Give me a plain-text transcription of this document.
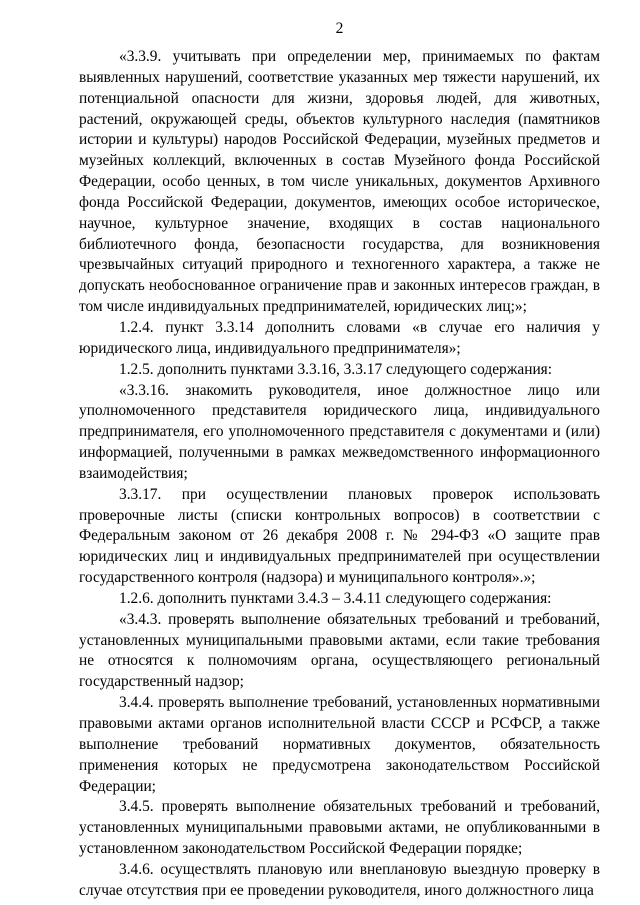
2

«3.3.9. учитывать при определении мер, принимаемых по фактам выявленных нарушений, соответствие указанных мер тяжести нарушений, их потенциальной опасности для жизни, здоровья людей, для животных, растений, окружающей среды, объектов культурного наследия (памятников истории и культуры) народов Российской Федерации, музейных предметов и музейных коллекций, включенных в состав Музейного фонда Российской Федерации, особо ценных, в том числе уникальных, документов Архивного фонда Российской Федерации, документов, имеющих особое историческое, научное, культурное значение, входящих в состав национального библиотечного фонда, безопасности государства, для возникновения чрезвычайных ситуаций природного и техногенного характера, а также не допускать необоснованное ограничение прав и законных интересов граждан, в том числе индивидуальных предпринимателей, юридических лиц;»;

1.2.4. пункт 3.3.14 дополнить словами «в случае его наличия у юридического лица, индивидуального предпринимателя»;

1.2.5. дополнить пунктами 3.3.16, 3.3.17 следующего содержания:

«3.3.16. знакомить руководителя, иное должностное лицо или уполномоченного представителя юридического лица, индивидуального предпринимателя, его уполномоченного представителя с документами и (или) информацией, полученными в рамках межведомственного информационного взаимодействия;

3.3.17. при осуществлении плановых проверок использовать проверочные листы (списки контрольных вопросов) в соответствии с Федеральным законом от 26 декабря 2008 г. № 294-ФЗ «О защите прав юридических лиц и индивидуальных предпринимателей при осуществлении государственного контроля (надзора) и муниципального контроля».»;

1.2.6. дополнить пунктами 3.4.3 – 3.4.11 следующего содержания:

«3.4.3. проверять выполнение обязательных требований и требований, установленных муниципальными правовыми актами, если такие требования не относятся к полномочиям органа, осуществляющего региональный государственный надзор;

3.4.4. проверять выполнение требований, установленных нормативными правовыми актами органов исполнительной власти СССР и РСФСР, а также выполнение требований нормативных документов, обязательность применения которых не предусмотрена законодательством Российской Федерации;

3.4.5. проверять выполнение обязательных требований и требований, установленных муниципальными правовыми актами, не опубликованными в установленном законодательством Российской Федерации порядке;

3.4.6. осуществлять плановую или внеплановую выездную проверку в случае отсутствия при ее проведении руководителя, иного должностного лица
